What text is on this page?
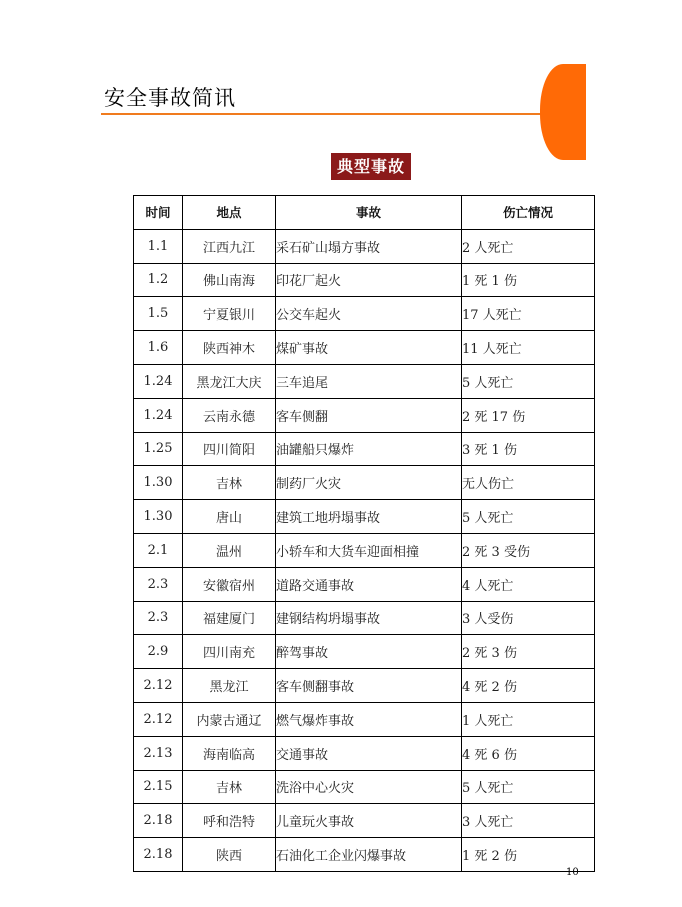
安全事故简讯
典型事故
时间	地点	事故	伤亡情况
1.1	江西九江	采石矿山塌方事故	2 人死亡
1.2	佛山南海	印花厂起火	1 死 1 伤
1.5	宁夏银川	公交车起火	17 人死亡
1.6	陕西神木	煤矿事故	11 人死亡
1.24	黑龙江大庆	三车追尾	5 人死亡
1.24	云南永德	客车侧翻	2 死 17 伤
1.25	四川简阳	油罐船只爆炸	3 死 1 伤
1.30	吉林	制药厂火灾	无人伤亡
1.30	唐山	建筑工地坍塌事故	5 人死亡
2.1	温州	小轿车和大货车迎面相撞	2 死 3 受伤
2.3	安徽宿州	道路交通事故	4 人死亡
2.3	福建厦门	建钢结构坍塌事故	3 人受伤
2.9	四川南充	醉驾事故	2 死 3 伤
2.12	黑龙江	客车侧翻事故	4 死 2 伤
2.12	内蒙古通辽	燃气爆炸事故	1 人死亡
2.13	海南临高	交通事故	4 死 6 伤
2.15	吉林	洗浴中心火灾	5 人死亡
2.18	呼和浩特	儿童玩火事故	3 人死亡
2.18	陕西	石油化工企业闪爆事故	1 死 2 伤
10
